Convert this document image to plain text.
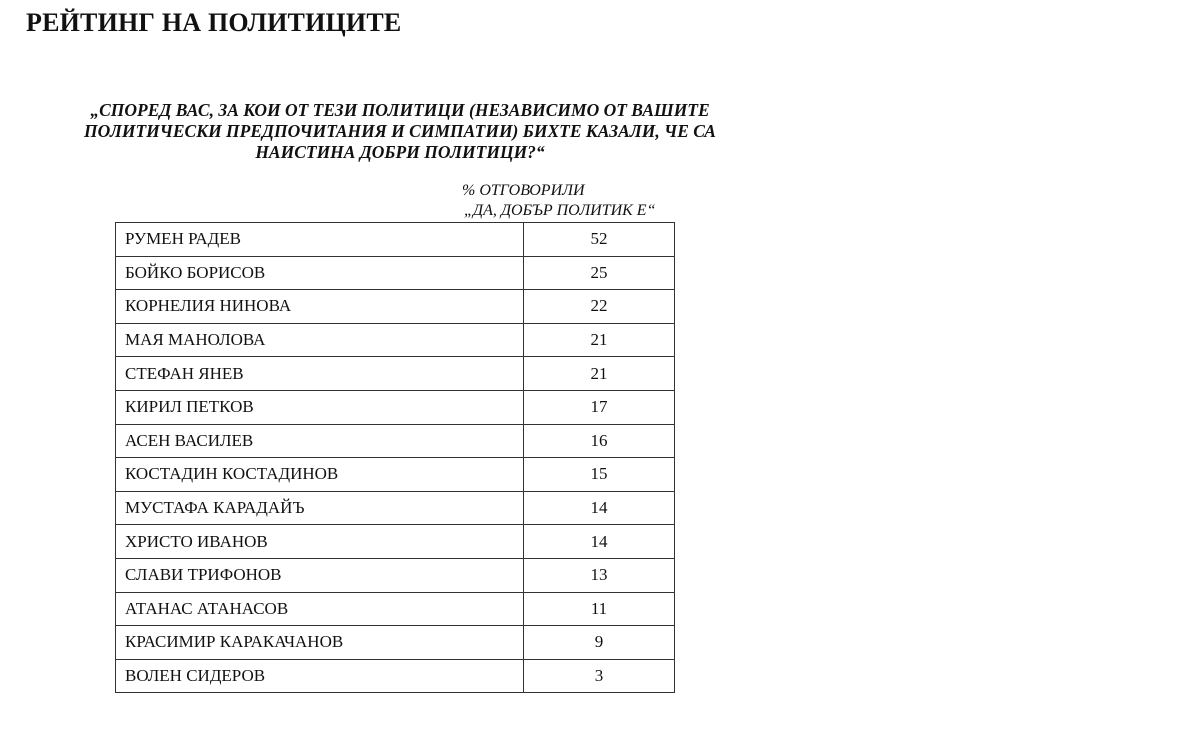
РЕЙТИНГ НА ПОЛИТИЦИТЕ
„СПОРЕД ВАС, ЗА КОИ ОТ ТЕЗИ ПОЛИТИЦИ (НЕЗАВИСИМО ОТ ВАШИТЕ
ПОЛИТИЧЕСКИ ПРЕДПОЧИТАНИЯ И СИМПАТИИ) БИХТЕ КАЗАЛИ, ЧЕ СА
НАИСТИНА ДОБРИ ПОЛИТИЦИ?“
% ОТГОВОРИЛИ
„ДА, ДОБЪР ПОЛИТИК Е“
РУМЕН РАДЕВ	52
БОЙКО БОРИСОВ	25
КОРНЕЛИЯ НИНОВА	22
МАЯ МАНОЛОВА	21
СТЕФАН ЯНЕВ	21
КИРИЛ ПЕТКОВ	17
АСЕН ВАСИЛЕВ	16
КОСТАДИН КОСТАДИНОВ	15
МУСТАФА КАРАДАЙЪ	14
ХРИСТО ИВАНОВ	14
СЛАВИ ТРИФОНОВ	13
АТАНАС АТАНАСОВ	11
КРАСИМИР КАРАКАЧАНОВ	9
ВОЛЕН СИДЕРОВ	3
